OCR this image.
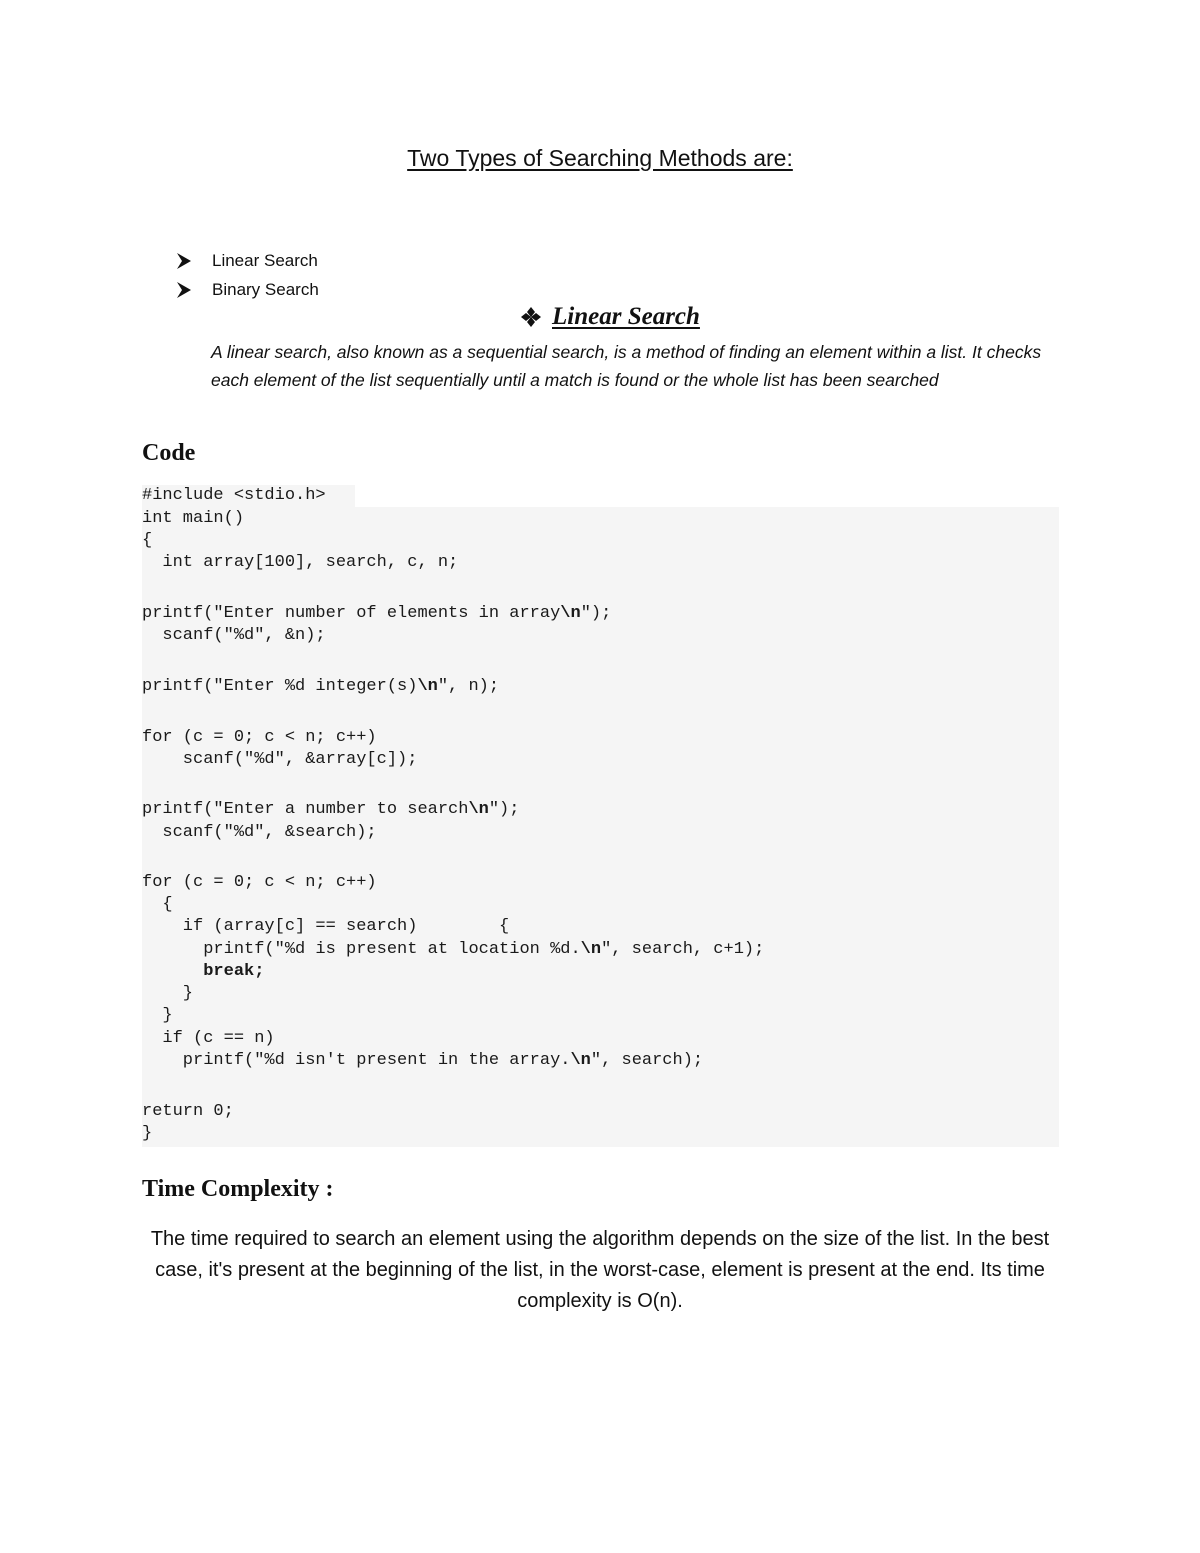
Two Types of Searching Methods are:
Linear Search
Binary Search
Linear Search

A linear search, also known as a sequential search, is a method of finding an element within a list. It checks each element of the list sequentially until a match is found or the whole list has been searched

Code
#include <stdio.h>
int main()
{
int array[100], search, c, n;
printf("Enter number of elements in array\n");
scanf("%d", &n);
printf("Enter %d integer(s)\n", n);
for (c = 0; c < n; c++)
scanf("%d", &array[c]);
printf("Enter a number to search\n");
scanf("%d", &search);
for (c = 0; c < n; c++)
{
if (array[c] == search)        {
printf("%d is present at location %d.\n", search, c+1);
break;
}
}
if (c == n)
printf("%d isn't present in the array.\n", search);
return 0;
}
Time Complexity :

The time required to search an element using the algorithm depends on the size of the list. In the best case, it's present at the beginning of the list, in the worst-case, element is present at the end. Its time complexity is O(n).
